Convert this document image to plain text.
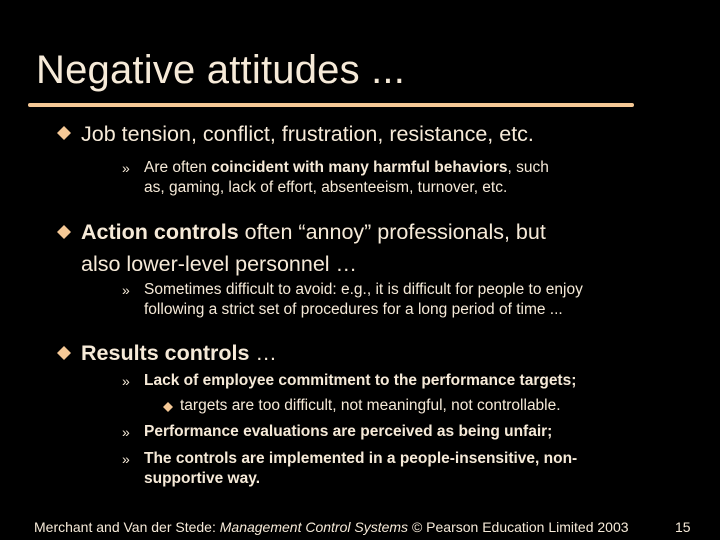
Negative attitudes ...

Job tension, conflict, frustration, resistance, etc.

» Are often coincident with many harmful behaviors, such

as, gaming, lack of effort, absenteeism, turnover, etc.

Action controls often “annoy” professionals, but

also lower-level personnel …

» Sometimes difficult to avoid: e.g., it is difficult for people to enjoy

following a strict set of procedures for a long period of time ...

Results controls …

» Lack of employee commitment to the performance targets;

targets are too difficult, not meaningful, not controllable.

» Performance evaluations are perceived as being unfair;

» The controls are implemented in a people-insensitive, non-

supportive way.

Merchant and Van der Stede: Management Control Systems © Pearson Education Limited 2003	15
